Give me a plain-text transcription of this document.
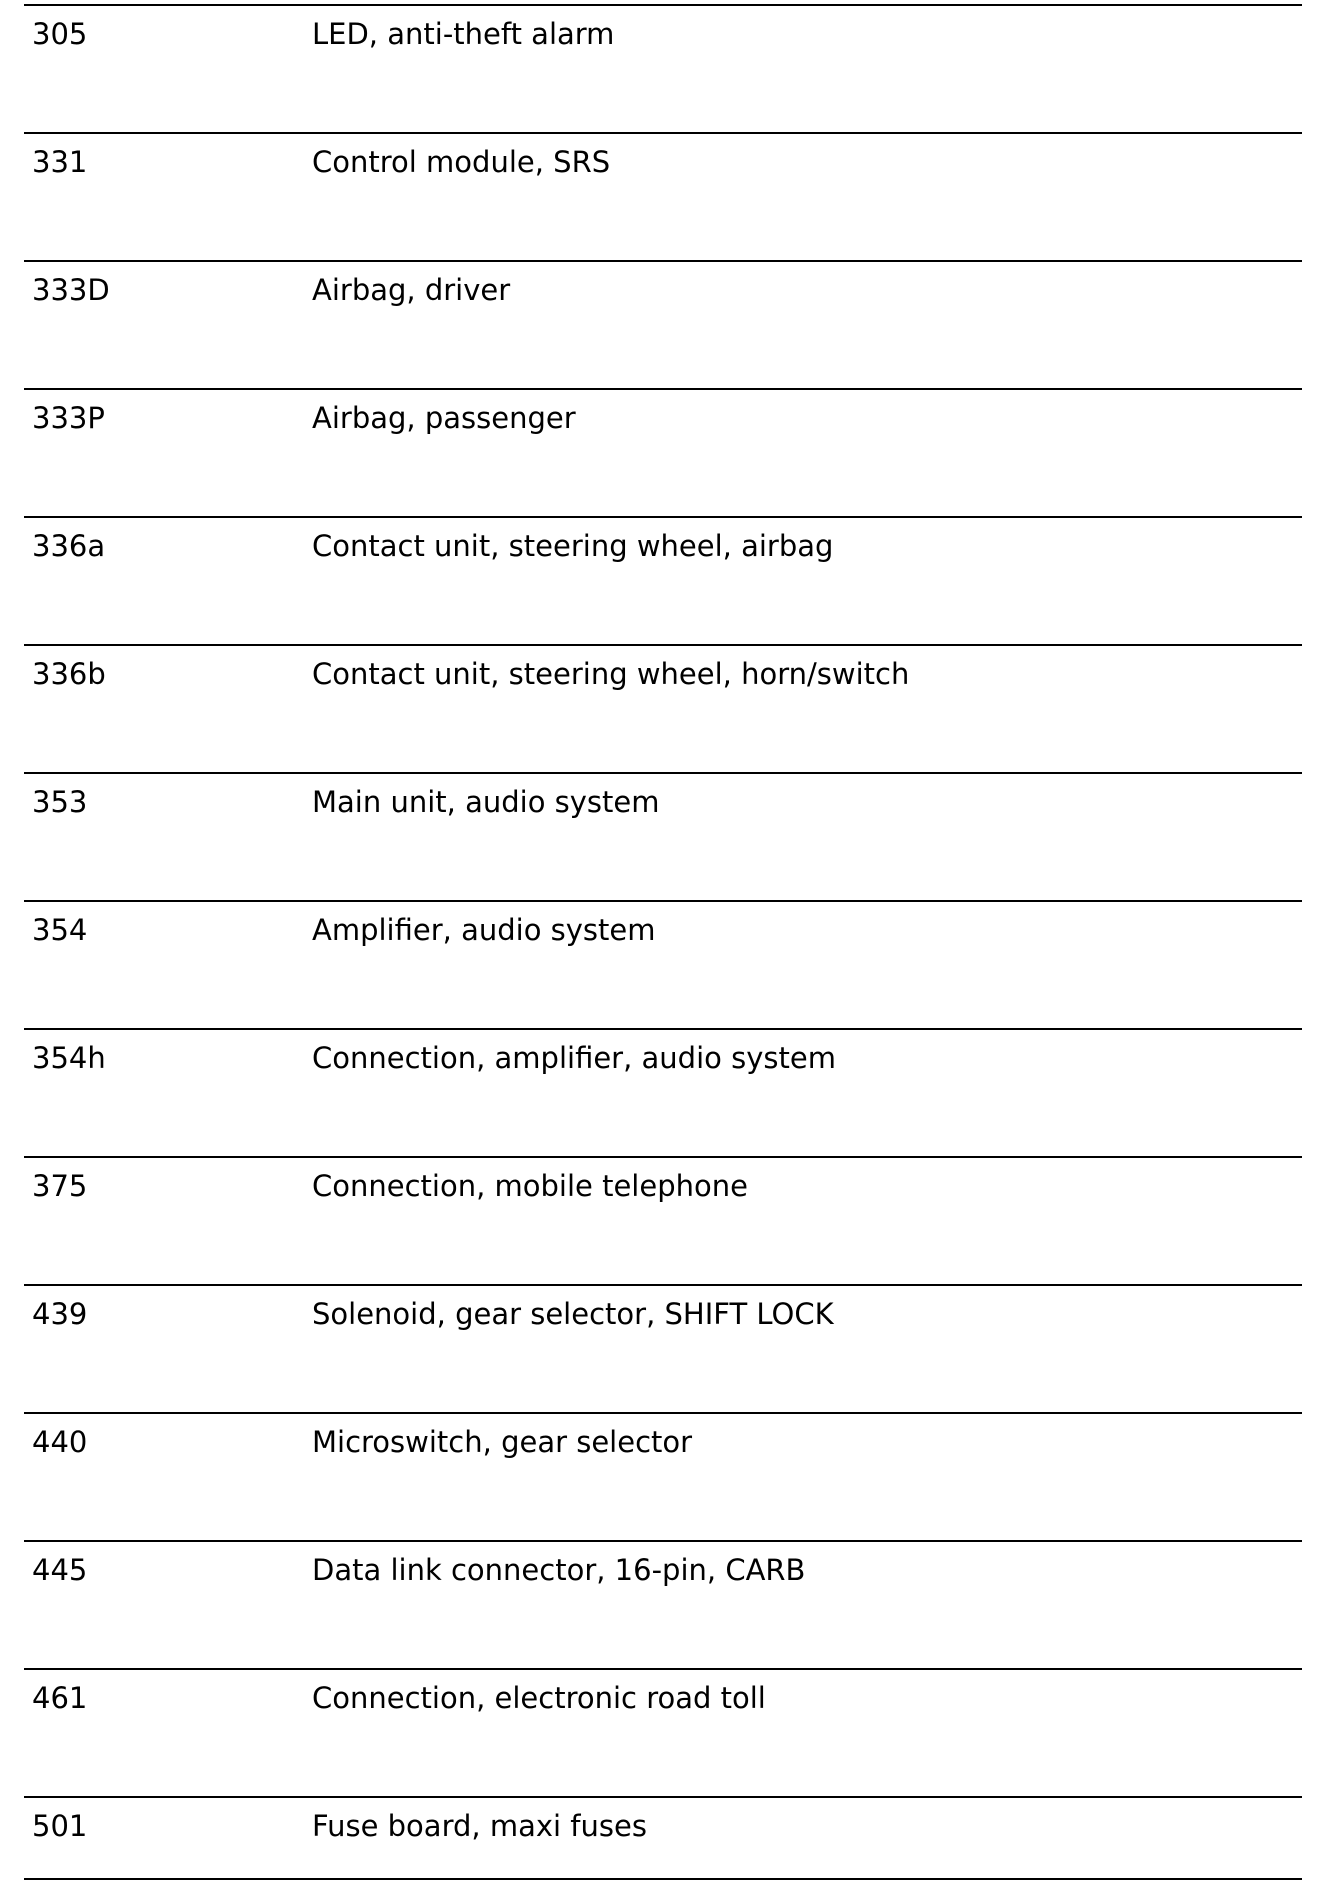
305	LED, anti-theft alarm
331	Control module, SRS
333D	Airbag, driver
333P	Airbag, passenger
336a	Contact unit, steering wheel, airbag
336b	Contact unit, steering wheel, horn/switch
353	Main unit, audio system
354	Amplifier, audio system
354h	Connection, amplifier, audio system
375	Connection, mobile telephone
439	Solenoid, gear selector, SHIFT LOCK
440	Microswitch, gear selector
445	Data link connector, 16-pin, CARB
461	Connection, electronic road toll
501	Fuse board, maxi fuses
